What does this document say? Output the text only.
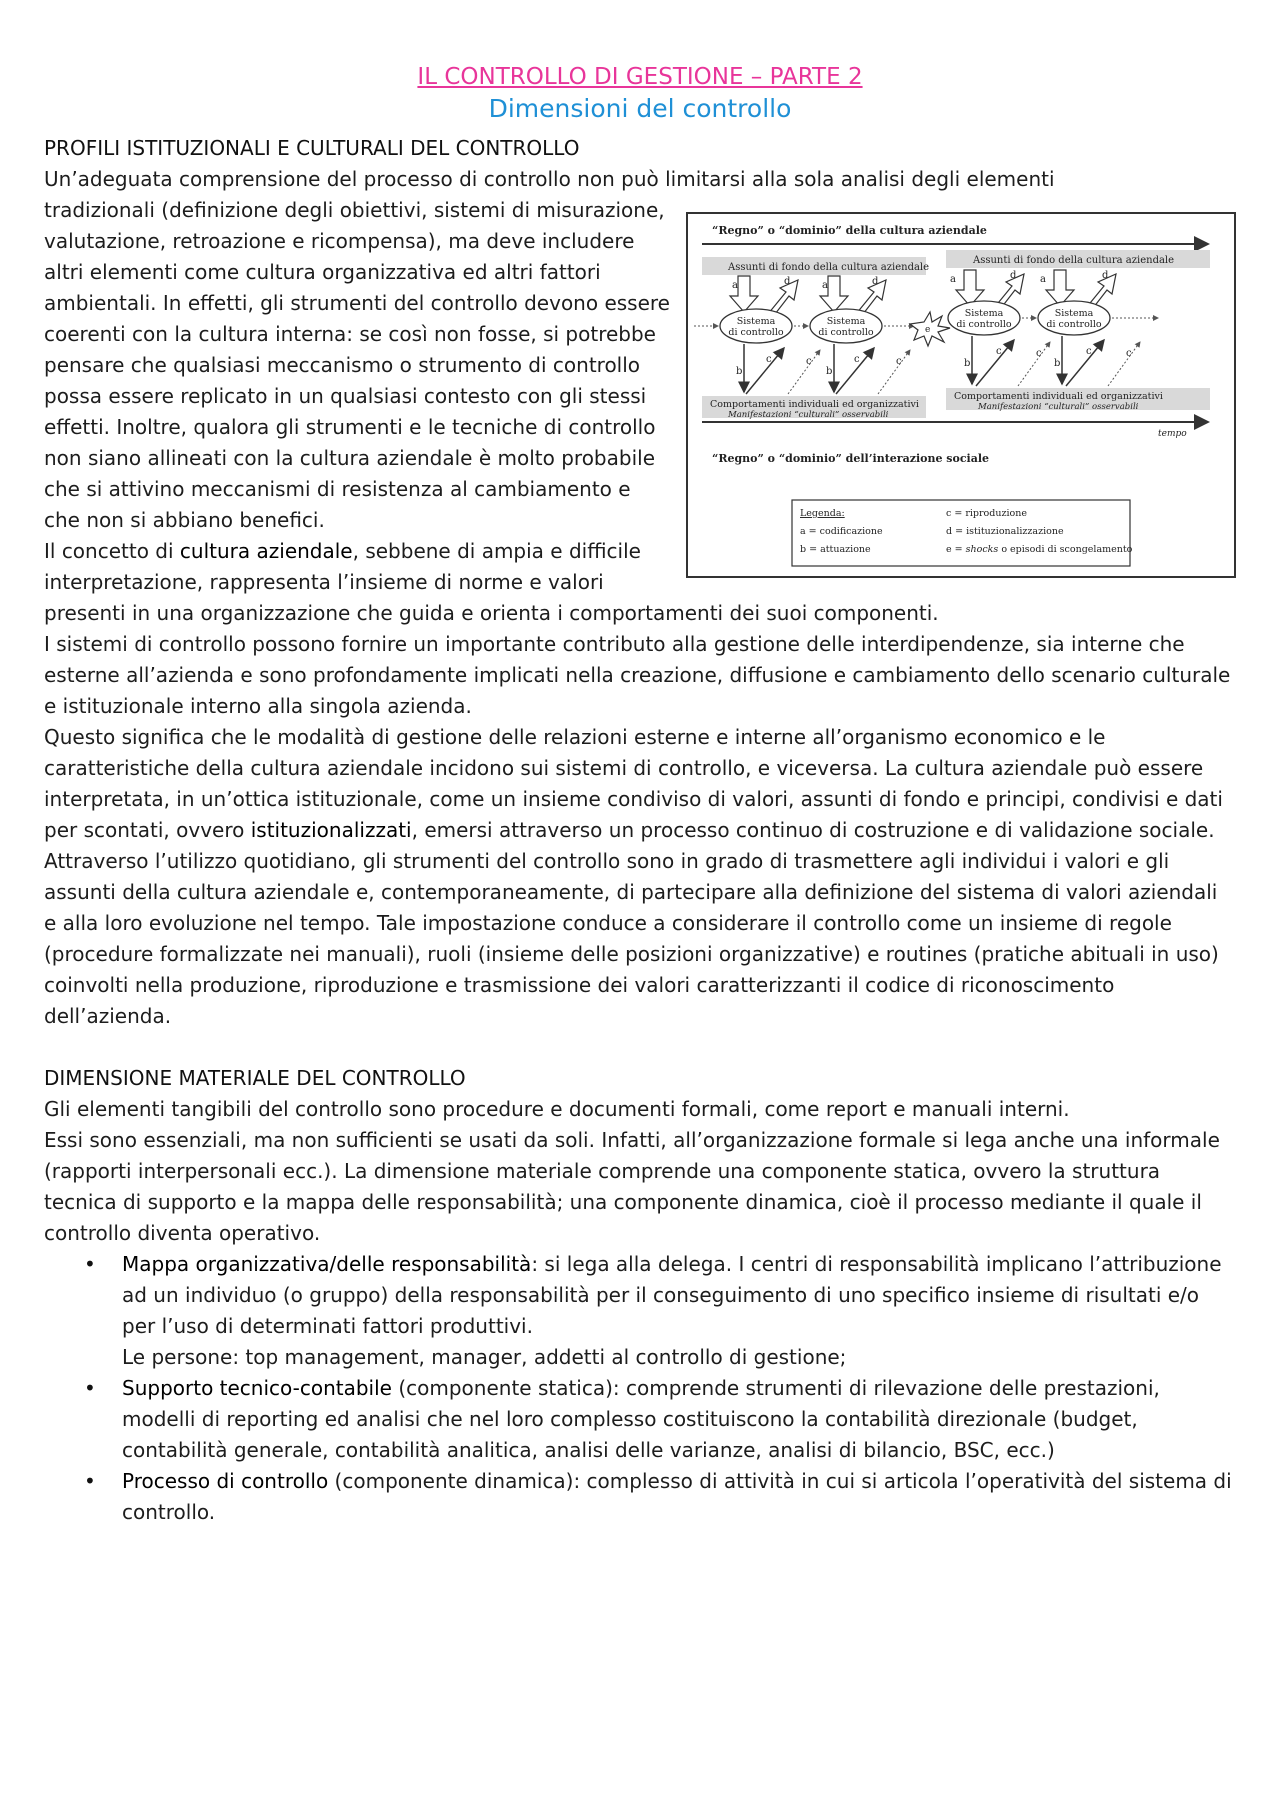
IL CONTROLLO DI GESTIONE – PARTE 2
Dimensioni del controllo
PROFILI ISTITUZIONALI E CULTURALI DEL CONTROLLO

Un’adeguata comprensione del processo di controllo non può limitarsi alla sola analisi degli elementi

“Regno” o “dominio” della cultura aziendale
Assunti di fondo della cultura aziendale
Assunti di fondo della cultura aziendale
a	d	a	d	a	d a	d
Sistema
di controllo
Sistema
di controllo
Sistema
di controllo
Sistema
di controllo
e
b
c	c
b
c	c	b
c	c
b
c	c
Comportamenti individuali ed organizzativi
Manifestazioni “culturali” osservabili
Comportamenti individuali ed organizzativi
Manifestazioni “culturali” osservabili
tempo
“Regno” o “dominio” dell’interazione sociale
Legenda:
a = codificazione
b = attuazione
c = riproduzione
d = istituzionalizzazione
e = shocks o episodi di scongelamento

tradizionali (definizione degli obiettivi, sistemi di misurazione, valutazione, retroazione e ricompensa), ma deve includere altri elementi come cultura organizzativa ed altri fattori ambientali. In effetti, gli strumenti del controllo devono essere coerenti con la cultura interna: se così non fosse, si potrebbe pensare che qualsiasi meccanismo o strumento di controllo possa essere replicato in un qualsiasi contesto con gli stessi effetti. Inoltre, qualora gli strumenti e le tecniche di controllo non siano allineati con la cultura aziendale è molto probabile che si attivino meccanismi di resistenza al cambiamento e che non si abbiano benefici.

Il concetto di cultura aziendale, sebbene di ampia e difficile interpretazione, rappresenta l’insieme di norme e valori presenti in una organizzazione che guida e orienta i comportamenti dei suoi componenti.

I sistemi di controllo possono fornire un importante contributo alla gestione delle interdipendenze, sia interne che esterne all’azienda e sono profondamente implicati nella creazione, diffusione e cambiamento dello scenario culturale e istituzionale interno alla singola azienda.

Questo significa che le modalità di gestione delle relazioni esterne e interne all’organismo economico e le caratteristiche della cultura aziendale incidono sui sistemi di controllo, e viceversa. La cultura aziendale può essere interpretata, in un’ottica istituzionale, come un insieme condiviso di valori, assunti di fondo e principi, condivisi e dati per scontati, ovvero istituzionalizzati, emersi attraverso un processo continuo di costruzione e di validazione sociale. Attraverso l’utilizzo quotidiano, gli strumenti del controllo sono in grado di trasmettere agli individui i valori e gli assunti della cultura aziendale e, contemporaneamente, di partecipare alla definizione del sistema di valori aziendali e alla loro evoluzione nel tempo. Tale impostazione conduce a considerare il controllo come un insieme di regole (procedure formalizzate nei manuali), ruoli (insieme delle posizioni organizzative) e routines (pratiche abituali in uso) coinvolti nella produzione, riproduzione e trasmissione dei valori caratterizzanti il codice di riconoscimento dell’azienda.

DIMENSIONE MATERIALE DEL CONTROLLO

Gli elementi tangibili del controllo sono procedure e documenti formali, come report e manuali interni.

Essi sono essenziali, ma non sufficienti se usati da soli. Infatti, all’organizzazione formale si lega anche una informale (rapporti interpersonali ecc.). La dimensione materiale comprende una componente statica, ovvero la struttura tecnica di supporto e la mappa delle responsabilità; una componente dinamica, cioè il processo mediante il quale il controllo diventa operativo.

• Mappa organizzativa/delle responsabilità: si lega alla delega. I centri di responsabilità implicano l’attribuzione ad un individuo (o gruppo) della responsabilità per il conseguimento di uno specifico insieme di risultati e/o per l’uso di determinati fattori produttivi.
Le persone: top management, manager, addetti al controllo di gestione;
• Supporto tecnico-contabile (componente statica): comprende strumenti di rilevazione delle prestazioni, modelli di reporting ed analisi che nel loro complesso costituiscono la contabilità direzionale (budget, contabilità generale, contabilità analitica, analisi delle varianze, analisi di bilancio, BSC, ecc.)
• Processo di controllo (componente dinamica): complesso di attività in cui si articola l’operatività del sistema di controllo.
